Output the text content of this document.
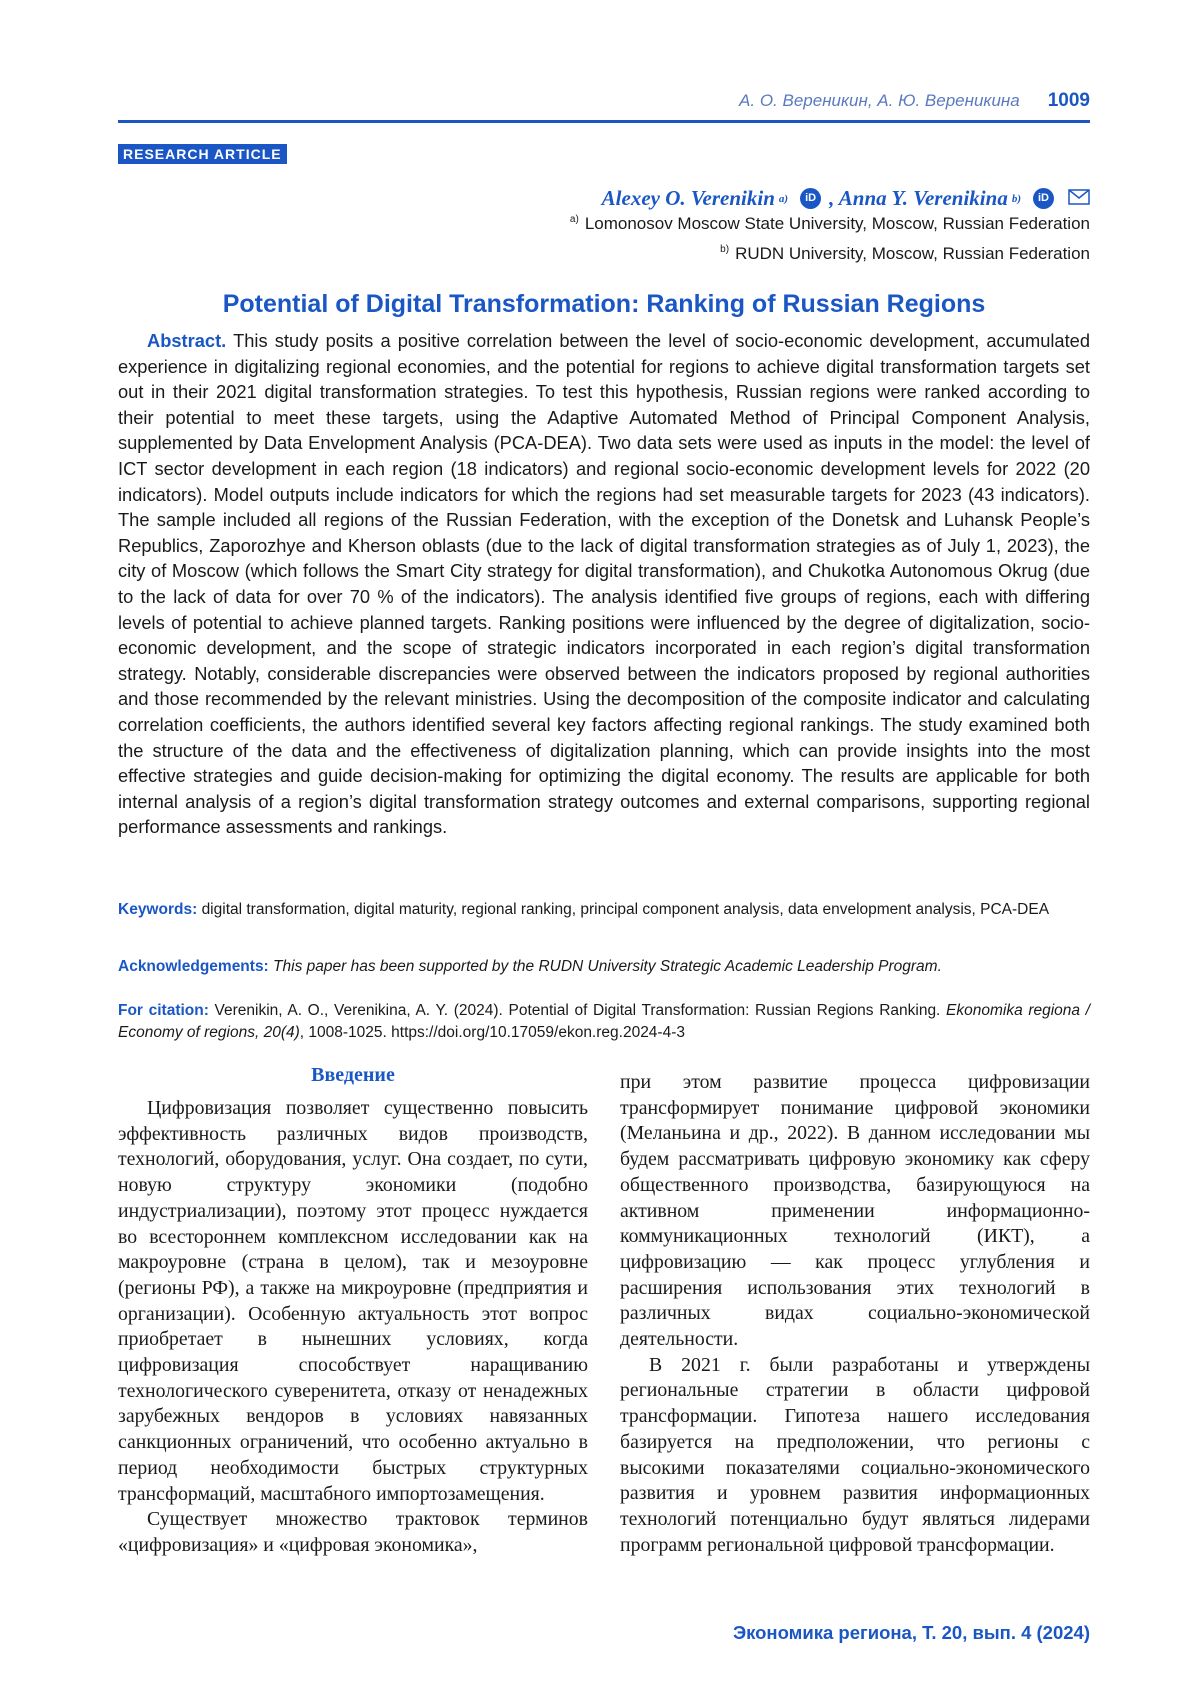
А. О. Вереникин, А. Ю. Вереникина 1009
RESEARCH ARTICLE
Alexey O. Verenikin a)	iD , Anna Y. Verenikina b)	iD
$^{a)}$ Lomonosov Moscow State University, Moscow, Russian Federation
$^{b)}$ RUDN University, Moscow, Russian Federation
Potential of Digital Transformation: Ranking of Russian Regions

Abstract. This study posits a positive correlation between the level of socio-economic development, accumulated experience in digitalizing regional economies, and the potential for regions to achieve digital transformation targets set out in their 2021 digital transformation strategies. To test this hypothesis, Russian regions were ranked according to their potential to meet these targets, using the Adaptive Automated Method of Principal Component Analysis, supplemented by Data Envelopment Analysis (PCA-DEA). Two data sets were used as inputs in the model: the level of ICT sector development in each region (18 indicators) and regional socio-economic development levels for 2022 (20 indicators). Model outputs include indicators for which the regions had set measurable targets for 2023 (43 indicators). The sample included all regions of the Russian Federation, with the exception of the Donetsk and Luhansk People’s Republics, Zaporozhye and Kherson oblasts (due to the lack of digital transformation strategies as of July 1, 2023), the city of Moscow (which follows the Smart City strategy for digital transformation), and Chukotka Autonomous Okrug (due to the lack of data for over 70 % of the indicators). The analysis identified five groups of regions, each with differing levels of potential to achieve planned targets. Ranking positions were influenced by the degree of digitalization, socio-economic development, and the scope of strategic indicators incorporated in each region’s digital transformation strategy. Notably, considerable discrepancies were observed between the indicators proposed by regional authorities and those recommended by the relevant ministries. Using the decomposition of the composite indicator and calculating correlation coefficients, the authors identified several key factors affecting regional rankings. The study examined both the structure of the data and the effectiveness of digitalization planning, which can provide insights into the most effective strategies and guide decision-making for optimizing the digital economy. The results are applicable for both internal analysis of a region’s digital transformation strategy outcomes and external comparisons, supporting regional performance assessments and rankings.

Keywords: digital transformation, digital maturity, regional ranking, principal component analysis, data envelopment analysis, PCA-DEA

Acknowledgements: This paper has been supported by the RUDN University Strategic Academic Leadership Program.

For citation: Verenikin, A. O., Verenikina, A. Y. (2024). Potential of Digital Transformation: Russian Regions Ranking. Ekonomika regiona / Economy of regions, 20(4), 1008-1025. https://doi.org/10.17059/ekon.reg.2024-4-3

Введение

Цифровизация позволяет существенно повысить эффективность различных видов производств, технологий, оборудования, услуг. Она создает, по сути, новую структуру экономики (подобно индустриализации), поэтому этот процесс нуждается во всестороннем комплексном исследовании как на макроуровне (страна в целом), так и мезоуровне (регионы РФ), а также на микроуровне (предприятия и организации). Особенную актуальность этот вопрос приобретает в нынешних условиях, когда цифровизация способствует наращиванию технологического суверенитета, отказу от ненадежных зарубежных вендоров в условиях навязанных санкционных ограничений, что особенно актуально в период необходимости быстрых структурных трансформаций, масштабного импортозамещения.

Существует множество трактовок терминов «цифровизация» и «цифровая экономика»,

при этом развитие процесса цифровизации трансформирует понимание цифровой экономики (Меланьина и др., 2022). В данном исследовании мы будем рассматривать цифровую экономику как сферу общественного производства, базирующуюся на активном применении информационно-коммуникационных технологий (ИКТ), а цифровизацию — как процесс углубления и расширения использования этих технологий в различных видах социально-экономической деятельности.

В 2021 г. были разработаны и утверждены региональные стратегии в области цифровой трансформации. Гипотеза нашего исследования базируется на предположении, что регионы с высокими показателями социально-экономического развития и уровнем развития информационных технологий потенциально будут являться лидерами программ региональной цифровой трансформации.

Экономика региона, Т. 20, вып. 4 (2024)
